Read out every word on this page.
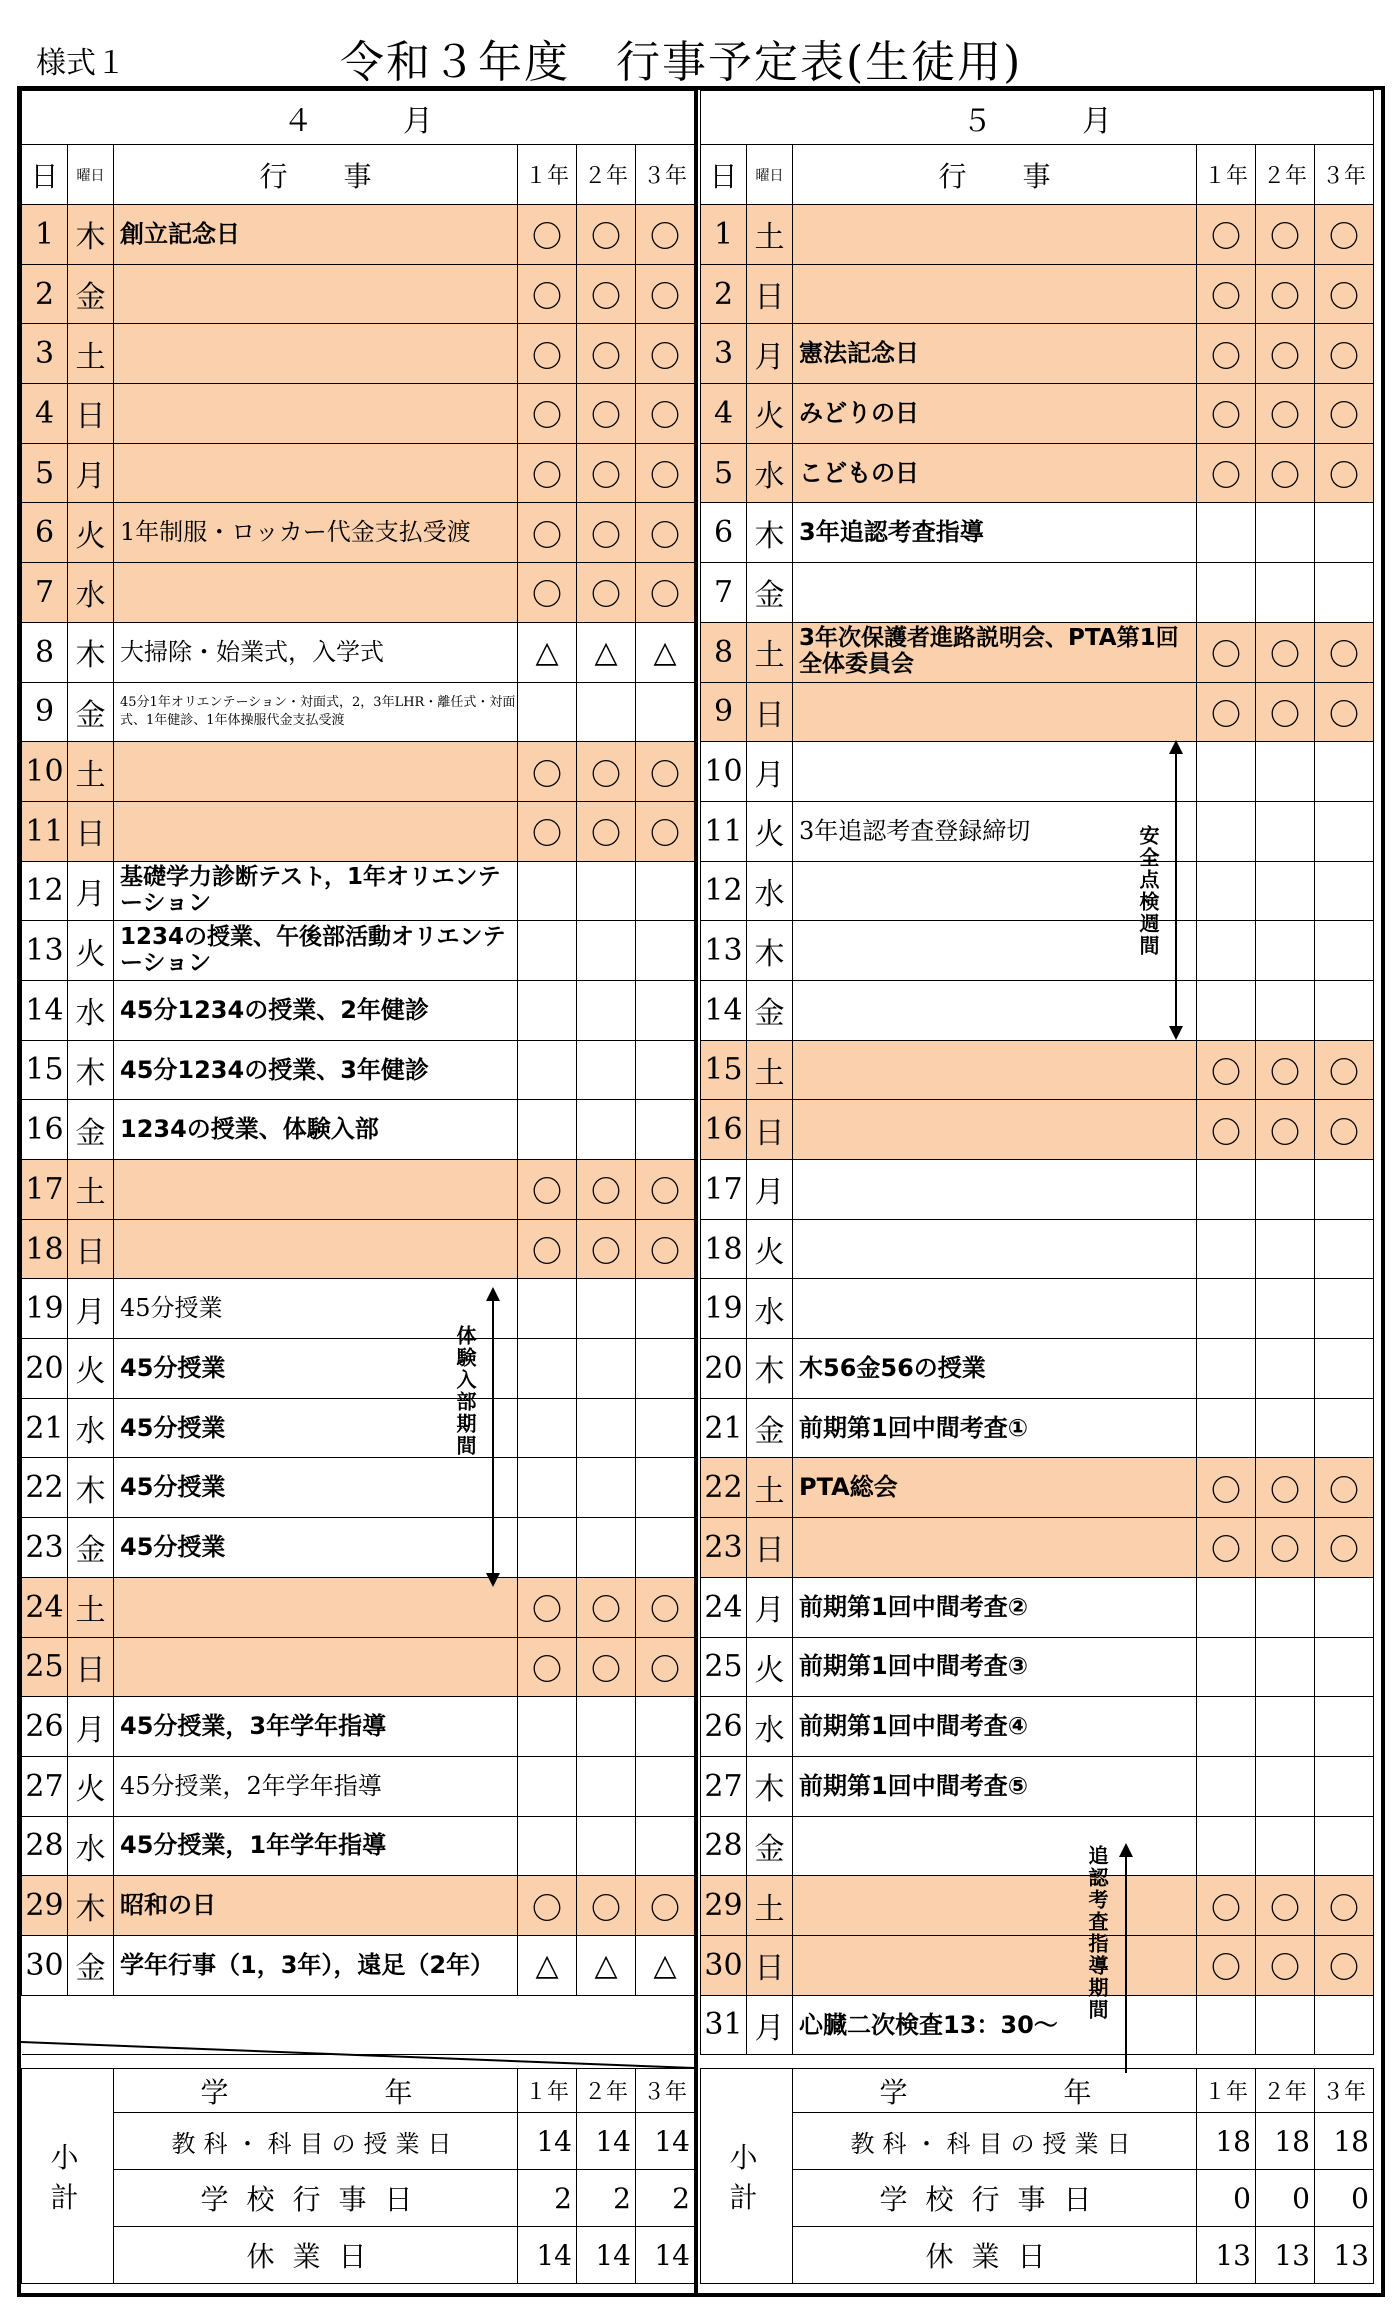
様式１	令和３年度　行事予定表(生徒用)
４　　　月					
日	曜日	行　　事	１年	２年	３年
1	木	創立記念日	〇	〇	〇
2	金		〇	〇	〇
3	土		〇	〇	〇
4	日		〇	〇	〇
5	月		〇	〇	〇
6	火	1年制服・ロッカー代金支払受渡	〇	〇	〇
7	水		〇	〇	〇
8	木	大掃除・始業式，入学式	△	△	△
9	金	45分1年オリエンテーション・対面式，2，3年LHR・離任式・対面式、1年健診、1年体操服代金支払受渡			
10	土		〇	〇	〇
11	日		〇	〇	〇
12	月	基礎学力診断テスト，1年オリエンテーション			
13	火	1234の授業、午後部活動オリエンテーション			
14	水	45分1234の授業、2年健診			
15	木	45分1234の授業、3年健診			
16	金	1234の授業、体験入部			
17	土		〇	〇	〇
18	日		〇	〇	〇
19	月	45分授業			
20	火	45分授業			
21	水	45分授業			
22	木	45分授業			
23	金	45分授業			
24	土		〇	〇	〇
25	日		〇	〇	〇
26	月	45分授業，3年学年指導			
27	火	45分授業，2年学年指導			
28	水	45分授業，1年学年指導			
29	木	昭和の日	〇	〇	〇
30	金	学年行事（1，3年），遠足（2年）	△	△	△

５　　　月					
日	曜日	行　　事	１年	２年	３年
1	土		〇	〇	〇
2	日		〇	〇	〇
3	月	憲法記念日	〇	〇	〇
4	火	みどりの日	〇	〇	〇
5	水	こどもの日	〇	〇	〇
6	木	3年追認考査指導			
7	金				
8	土	3年次保護者進路説明会、PTA第1回全体委員会	〇	〇	〇
9	日		〇	〇	〇
10	月				
11	火	3年追認考査登録締切			
12	水				
13	木				
14	金				
15	土		〇	〇	〇
16	日		〇	〇	〇
17	月				
18	火				
19	水				
20	木	木56金56の授業			
21	金	前期第1回中間考査①			
22	土	PTA総会	〇	〇	〇
23	日		〇	〇	〇
24	月	前期第1回中間考査②			
25	火	前期第1回中間考査③			
26	水	前期第1回中間考査④			
27	木	前期第1回中間考査⑤			
28	金				
29	土		〇	〇	〇
30	日		〇	〇	〇
31	月	心臓二次検査13：30～			
小　計	学　　　年	１年	２年	３年
	教科・科目の授業日	14	14	14
	学校行事日	2	2	2
	休業日	14	14	14
小　計	学　　　年	１年	２年	３年
	教科・科目の授業日	18	18	18
	学校行事日	0	0	0
	休業日	13	13	13
体験入部期間
安全点検週間
追認考査指導期間
